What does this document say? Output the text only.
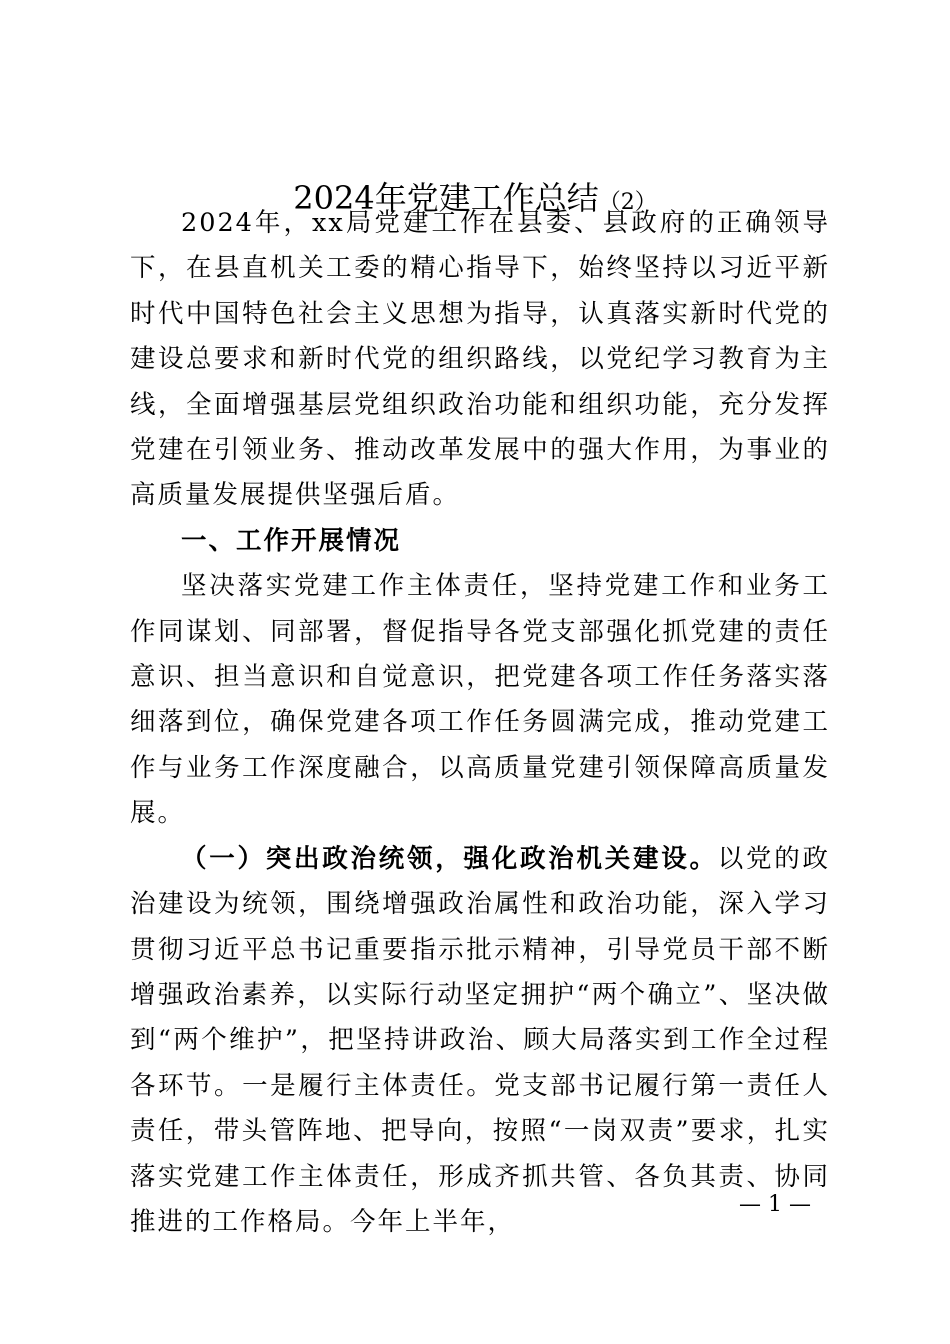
2024年党建工作总结（2）

2024年，xx局党建工作在县委、县政府的正确领导下，在县直机关工委的精心指导下，始终坚持以习近平新时代中国特色社会主义思想为指导，认真落实新时代党的建设总要求和新时代党的组织路线，以党纪学习教育为主线，全面增强基层党组织政治功能和组织功能，充分发挥党建在引领业务、推动改革发展中的强大作用，为事业的高质量发展提供坚强后盾。

一、工作开展情况

坚决落实党建工作主体责任，坚持党建工作和业务工作同谋划、同部署，督促指导各党支部强化抓党建的责任意识、担当意识和自觉意识，把党建各项工作任务落实落细落到位，确保党建各项工作任务圆满完成，推动党建工作与业务工作深度融合，以高质量党建引领保障高质量发展。

（一）突出政治统领，强化政治机关建设。以党的政治建设为统领，围绕增强政治属性和政治功能，深入学习贯彻习近平总书记重要指示批示精神，引导党员干部不断增强政治素养，以实际行动坚定拥护“两个确立”、坚决做到“两个维护”，把坚持讲政治、顾大局落实到工作全过程各环节。一是履行主体责任。党支部书记履行第一责任人责任，带头管阵地、把导向，按照“一岗双责”要求，扎实落实党建工作主体责任，形成齐抓共管、各负其责、协同推进的工作格局。今年上半年，

— 1 —
